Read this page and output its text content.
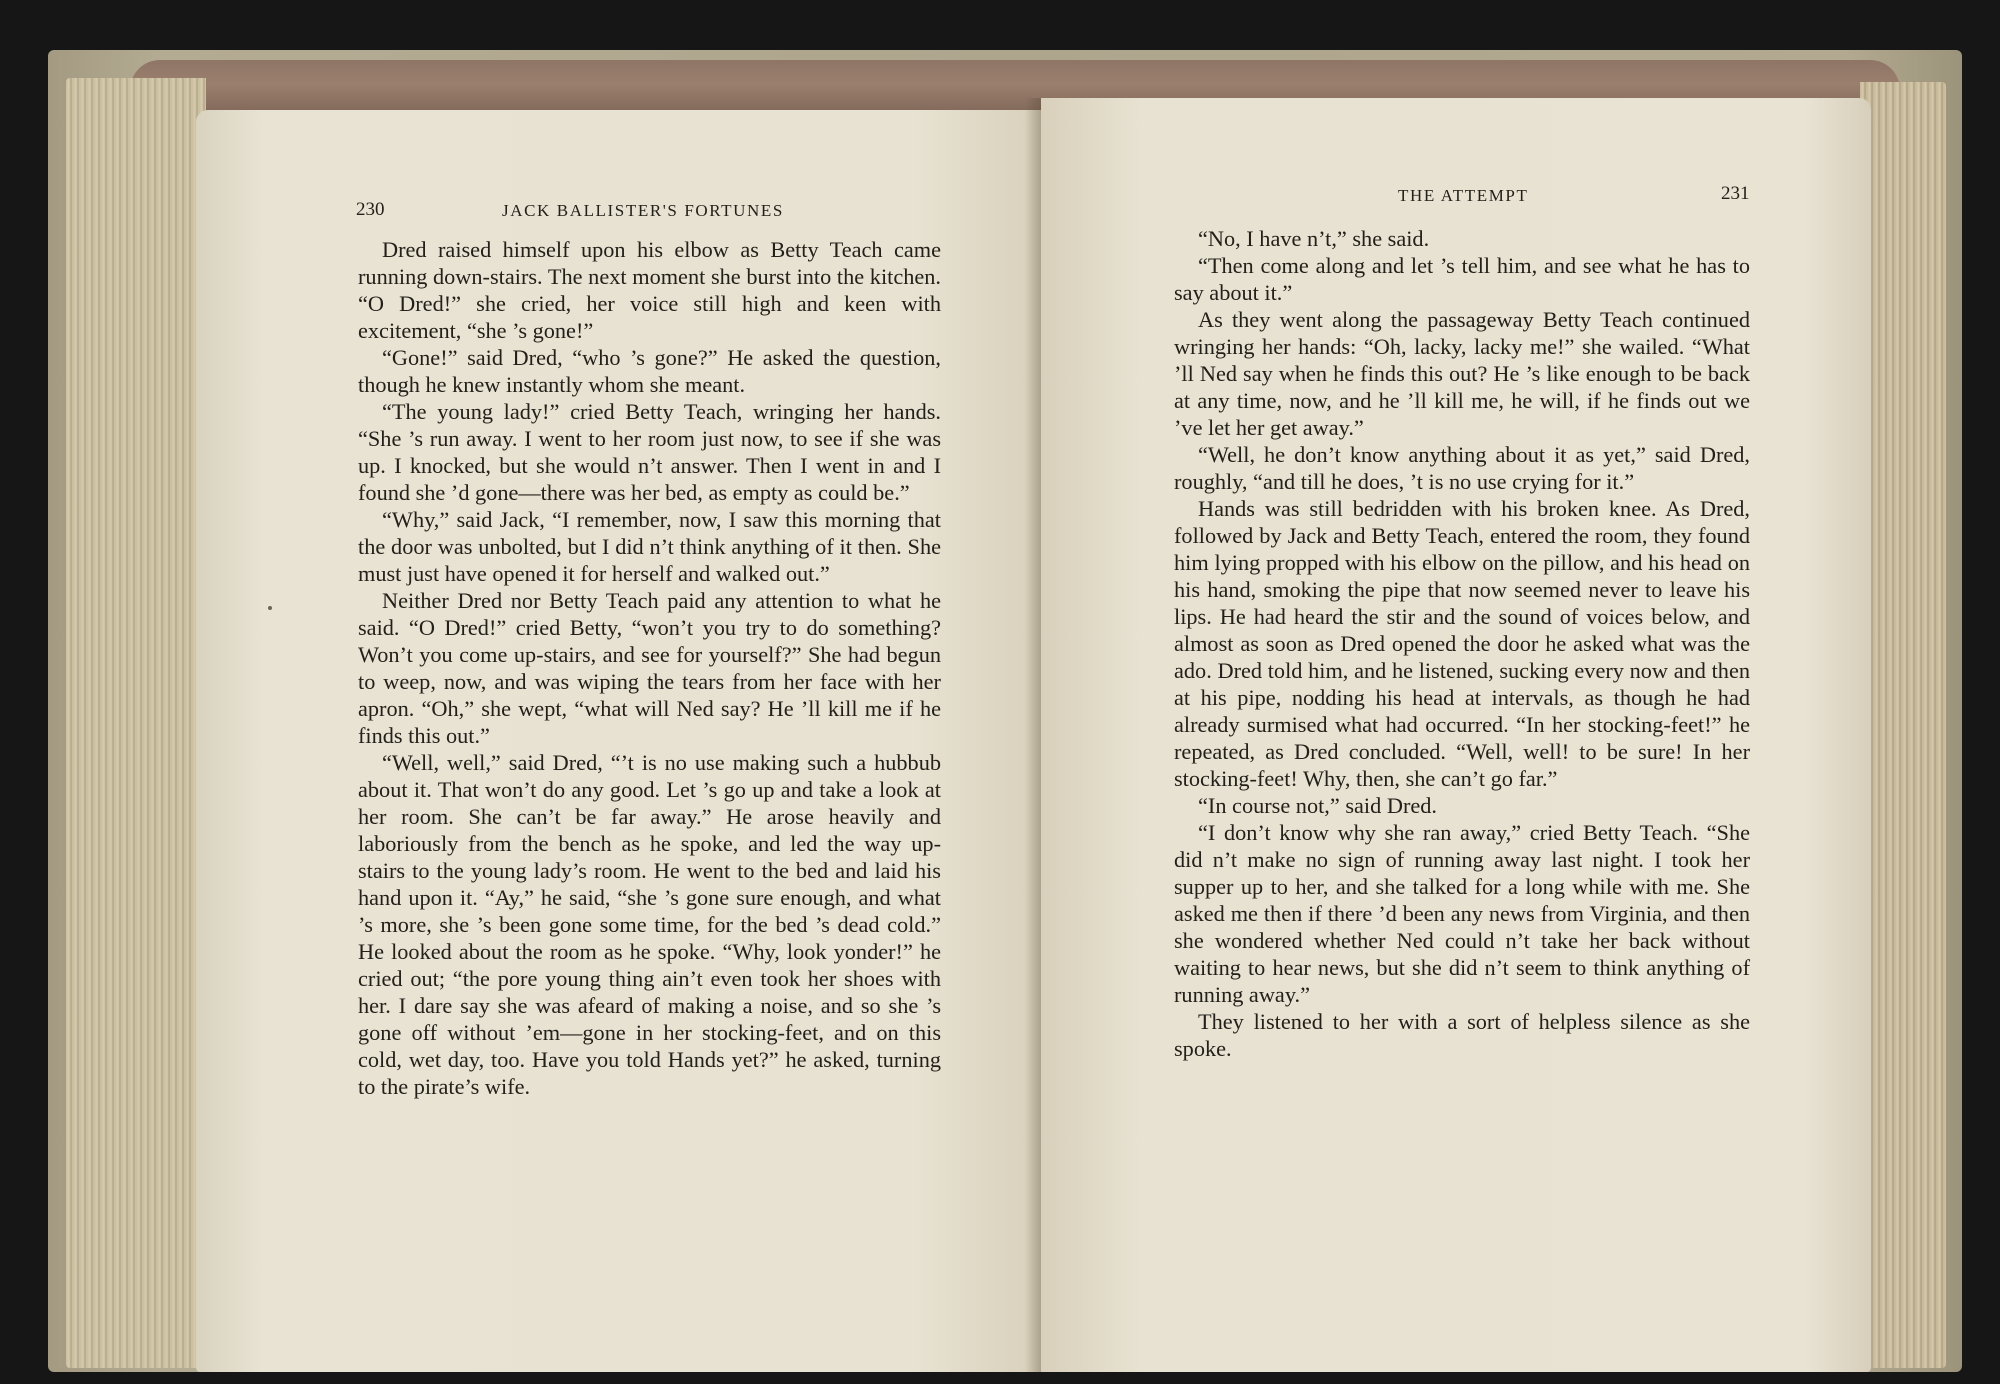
230	JACK BALLISTER'S FORTUNES

Dred raised himself upon his elbow as Betty Teach came running down-stairs. The next moment she burst into the kitchen. “O Dred!” she cried, her voice still high and keen with excitement, “she ’s gone!”

“Gone!” said Dred, “who ’s gone?” He asked the question, though he knew instantly whom she meant.

“The young lady!” cried Betty Teach, wringing her hands. “She ’s run away. I went to her room just now, to see if she was up. I knocked, but she would n’t answer. Then I went in and I found she ’d gone—there was her bed, as empty as could be.”

“Why,” said Jack, “I remember, now, I saw this morning that the door was unbolted, but I did n’t think anything of it then. She must just have opened it for herself and walked out.”

Neither Dred nor Betty Teach paid any attention to what he said. “O Dred!” cried Betty, “won’t you try to do something? Won’t you come up-stairs, and see for yourself?” She had begun to weep, now, and was wiping the tears from her face with her apron. “Oh,” she wept, “what will Ned say? He ’ll kill me if he finds this out.”

“Well, well,” said Dred, “’t is no use making such a hubbub about it. That won’t do any good. Let ’s go up and take a look at her room. She can’t be far away.” He arose heavily and laboriously from the bench as he spoke, and led the way up-stairs to the young lady’s room. He went to the bed and laid his hand upon it. “Ay,” he said, “she ’s gone sure enough, and what ’s more, she ’s been gone some time, for the bed ’s dead cold.” He looked about the room as he spoke. “Why, look yonder!” he cried out; “the pore young thing ain’t even took her shoes with her. I dare say she was afeard of making a noise, and so she ’s gone off without ’em—gone in her stocking-feet, and on this cold, wet day, too. Have you told Hands yet?” he asked, turning to the pirate’s wife.

THE ATTEMPT	231

“No, I have n’t,” she said.

“Then come along and let ’s tell him, and see what he has to say about it.”

As they went along the passageway Betty Teach continued wringing her hands: “Oh, lacky, lacky me!” she wailed. “What ’ll Ned say when he finds this out? He ’s like enough to be back at any time, now, and he ’ll kill me, he will, if he finds out we ’ve let her get away.”

“Well, he don’t know anything about it as yet,” said Dred, roughly, “and till he does, ’t is no use crying for it.”

Hands was still bedridden with his broken knee. As Dred, followed by Jack and Betty Teach, entered the room, they found him lying propped with his elbow on the pillow, and his head on his hand, smoking the pipe that now seemed never to leave his lips. He had heard the stir and the sound of voices below, and almost as soon as Dred opened the door he asked what was the ado. Dred told him, and he listened, sucking every now and then at his pipe, nodding his head at intervals, as though he had already surmised what had occurred. “In her stocking-feet!” he repeated, as Dred concluded. “Well, well! to be sure! In her stocking-feet! Why, then, she can’t go far.”

“In course not,” said Dred.

“I don’t know why she ran away,” cried Betty Teach. “She did n’t make no sign of running away last night. I took her supper up to her, and she talked for a long while with me. She asked me then if there ’d been any news from Virginia, and then she wondered whether Ned could n’t take her back without waiting to hear news, but she did n’t seem to think anything of running away.”

They listened to her with a sort of helpless silence as she spoke.
